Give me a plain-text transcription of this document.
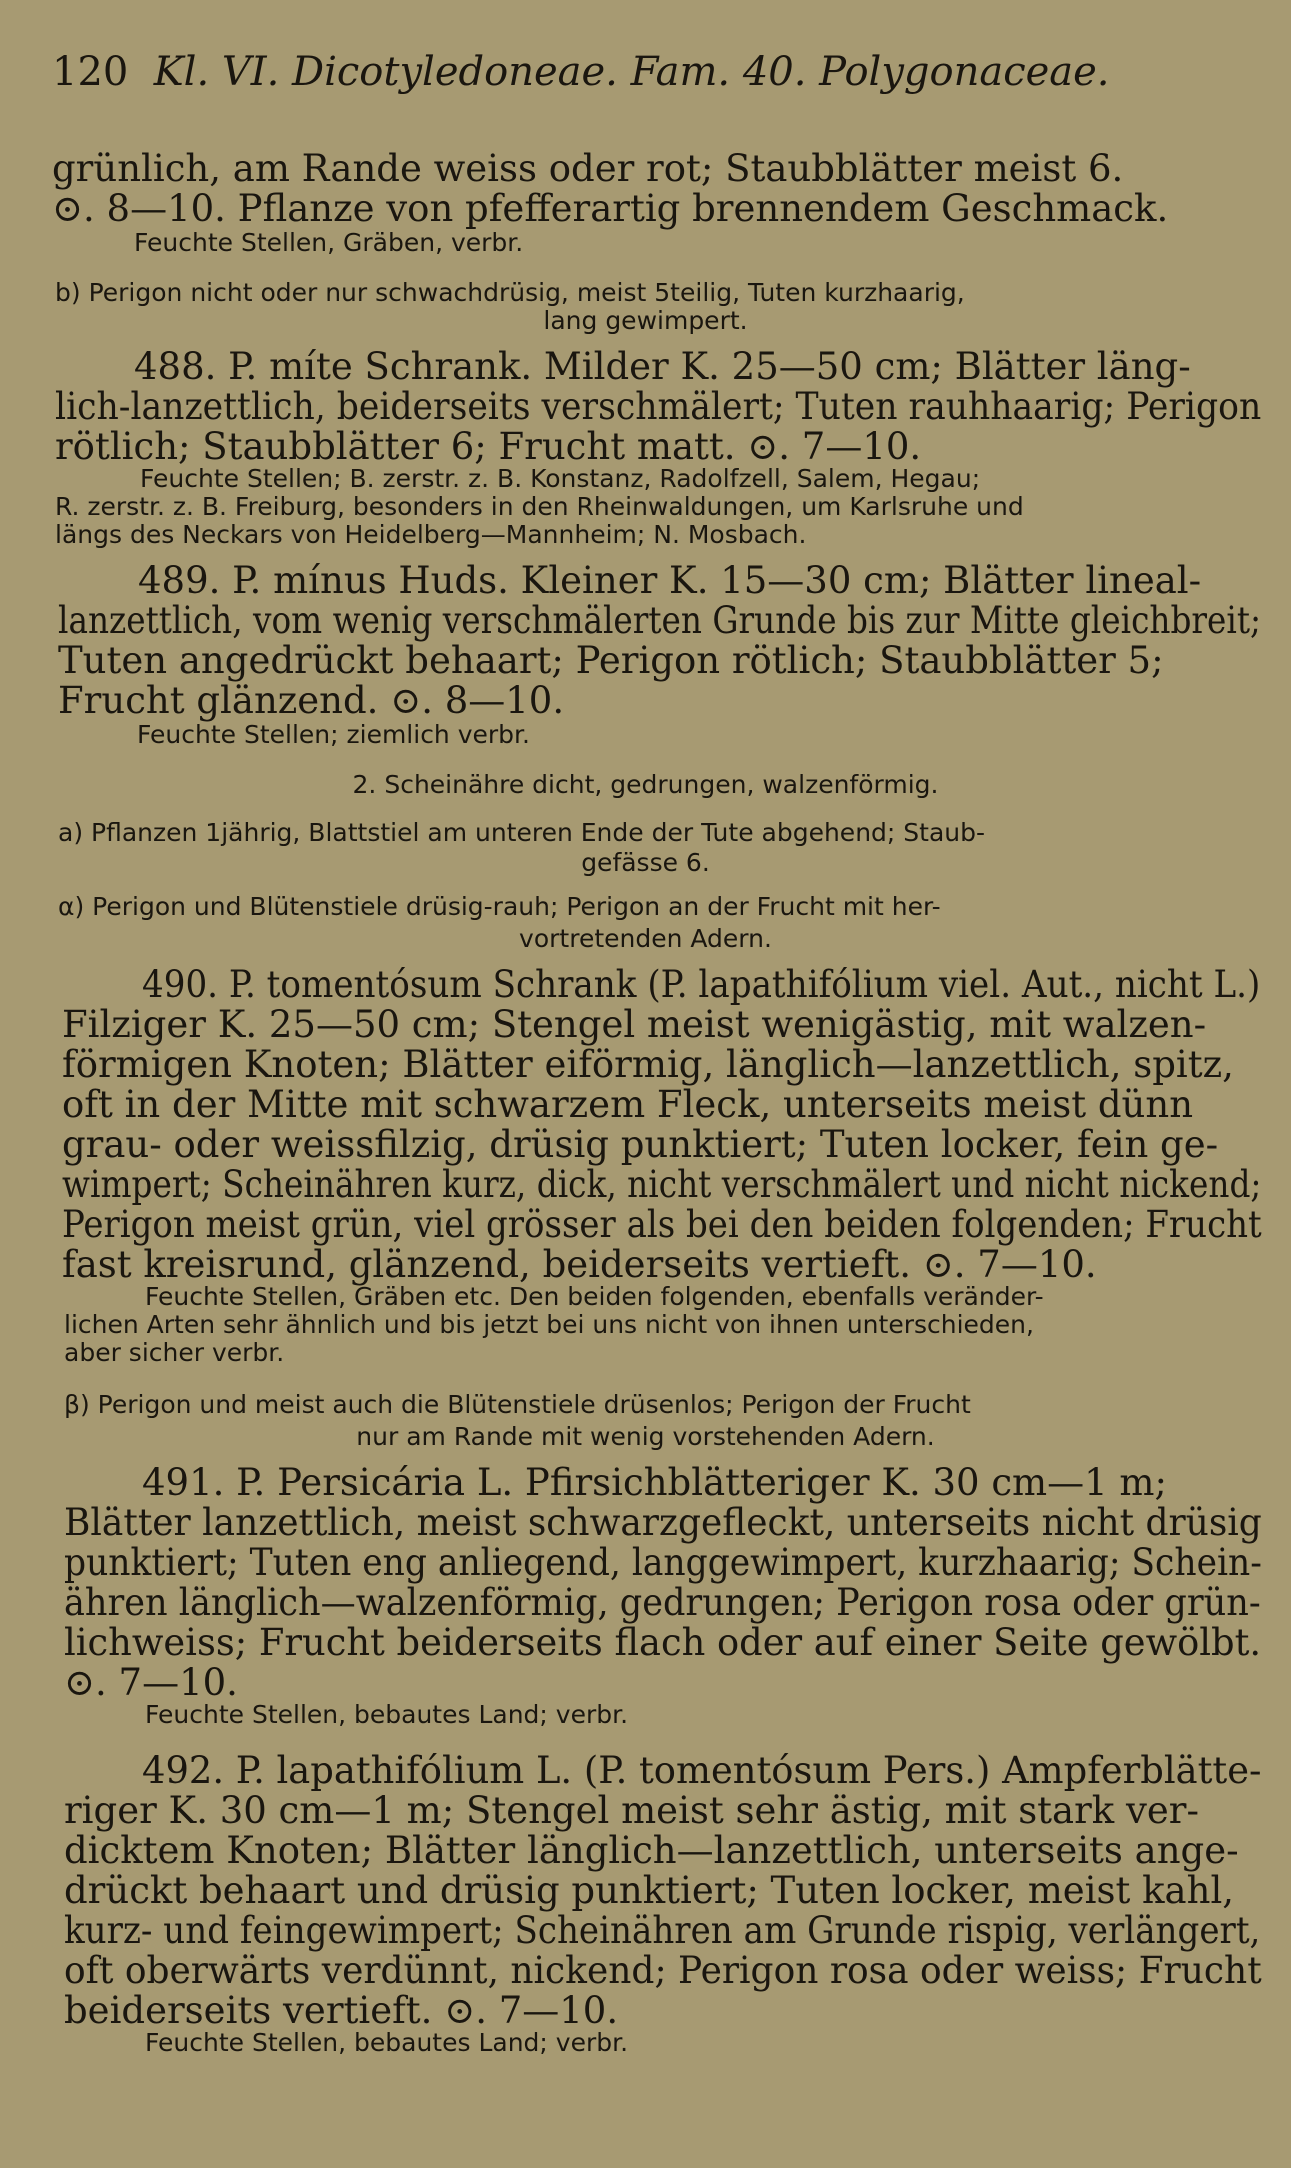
120 Kl. VI. Dicotyledoneae. Fam. 40. Polygonaceae.
grünlich, am Rande weiss oder rot; Staubblätter meist 6.
⊙. 8—10. Pflanze von pfefferartig brennendem Geschmack.
Feuchte Stellen, Gräben, verbr.
b) Perigon nicht oder nur schwachdrüsig, meist 5teilig, Tuten kurzhaarig,
lang gewimpert.
488. P. míte Schrank. Milder K. 25—50 cm; Blätter läng-
lich-lanzettlich, beiderseits verschmälert; Tuten rauhhaarig; Perigon
rötlich; Staubblätter 6; Frucht matt. ⊙. 7—10.
Feuchte Stellen; B. zerstr. z. B. Konstanz, Radolfzell, Salem, Hegau;
R. zerstr. z. B. Freiburg, besonders in den Rheinwaldungen, um Karlsruhe und
längs des Neckars von Heidelberg—Mannheim; N. Mosbach.
489. P. mínus Huds. Kleiner K. 15—30 cm; Blätter lineal-
lanzettlich, vom wenig verschmälerten Grunde bis zur Mitte gleichbreit;
Tuten angedrückt behaart; Perigon rötlich; Staubblätter 5;
Frucht glänzend. ⊙. 8—10.
Feuchte Stellen; ziemlich verbr.
2. Scheinähre dicht, gedrungen, walzenförmig.
a) Pflanzen 1jährig, Blattstiel am unteren Ende der Tute abgehend; Staub-
gefässe 6.
α) Perigon und Blütenstiele drüsig-rauh; Perigon an der Frucht mit her-
vortretenden Adern.
490. P. tomentósum Schrank (P. lapathifólium viel. Aut., nicht L.)
Filziger K. 25—50 cm; Stengel meist wenigästig, mit walzen-
förmigen Knoten; Blätter eiförmig, länglich—lanzettlich, spitz,
oft in der Mitte mit schwarzem Fleck, unterseits meist dünn
grau- oder weissfilzig, drüsig punktiert; Tuten locker, fein ge-
wimpert; Scheinähren kurz, dick, nicht verschmälert und nicht nickend;
Perigon meist grün, viel grösser als bei den beiden folgenden; Frucht
fast kreisrund, glänzend, beiderseits vertieft. ⊙. 7—10.
Feuchte Stellen, Gräben etc. Den beiden folgenden, ebenfalls veränder-
lichen Arten sehr ähnlich und bis jetzt bei uns nicht von ihnen unterschieden,
aber sicher verbr.
β) Perigon und meist auch die Blütenstiele drüsenlos; Perigon der Frucht
nur am Rande mit wenig vorstehenden Adern.
491. P. Persicária L. Pfirsichblätteriger K. 30 cm—1 m;
Blätter lanzettlich, meist schwarzgefleckt, unterseits nicht drüsig
punktiert; Tuten eng anliegend, langgewimpert, kurzhaarig; Schein-
ähren länglich—walzenförmig, gedrungen; Perigon rosa oder grün-
lichweiss; Frucht beiderseits flach oder auf einer Seite gewölbt.
⊙. 7—10.
Feuchte Stellen, bebautes Land; verbr.
492. P. lapathifólium L. (P. tomentósum Pers.) Ampferblätte-
riger K. 30 cm—1 m; Stengel meist sehr ästig, mit stark ver-
dicktem Knoten; Blätter länglich—lanzettlich, unterseits ange-
drückt behaart und drüsig punktiert; Tuten locker, meist kahl,
kurz- und feingewimpert; Scheinähren am Grunde rispig, verlängert,
oft oberwärts verdünnt, nickend; Perigon rosa oder weiss; Frucht
beiderseits vertieft. ⊙. 7—10.
Feuchte Stellen, bebautes Land; verbr.
